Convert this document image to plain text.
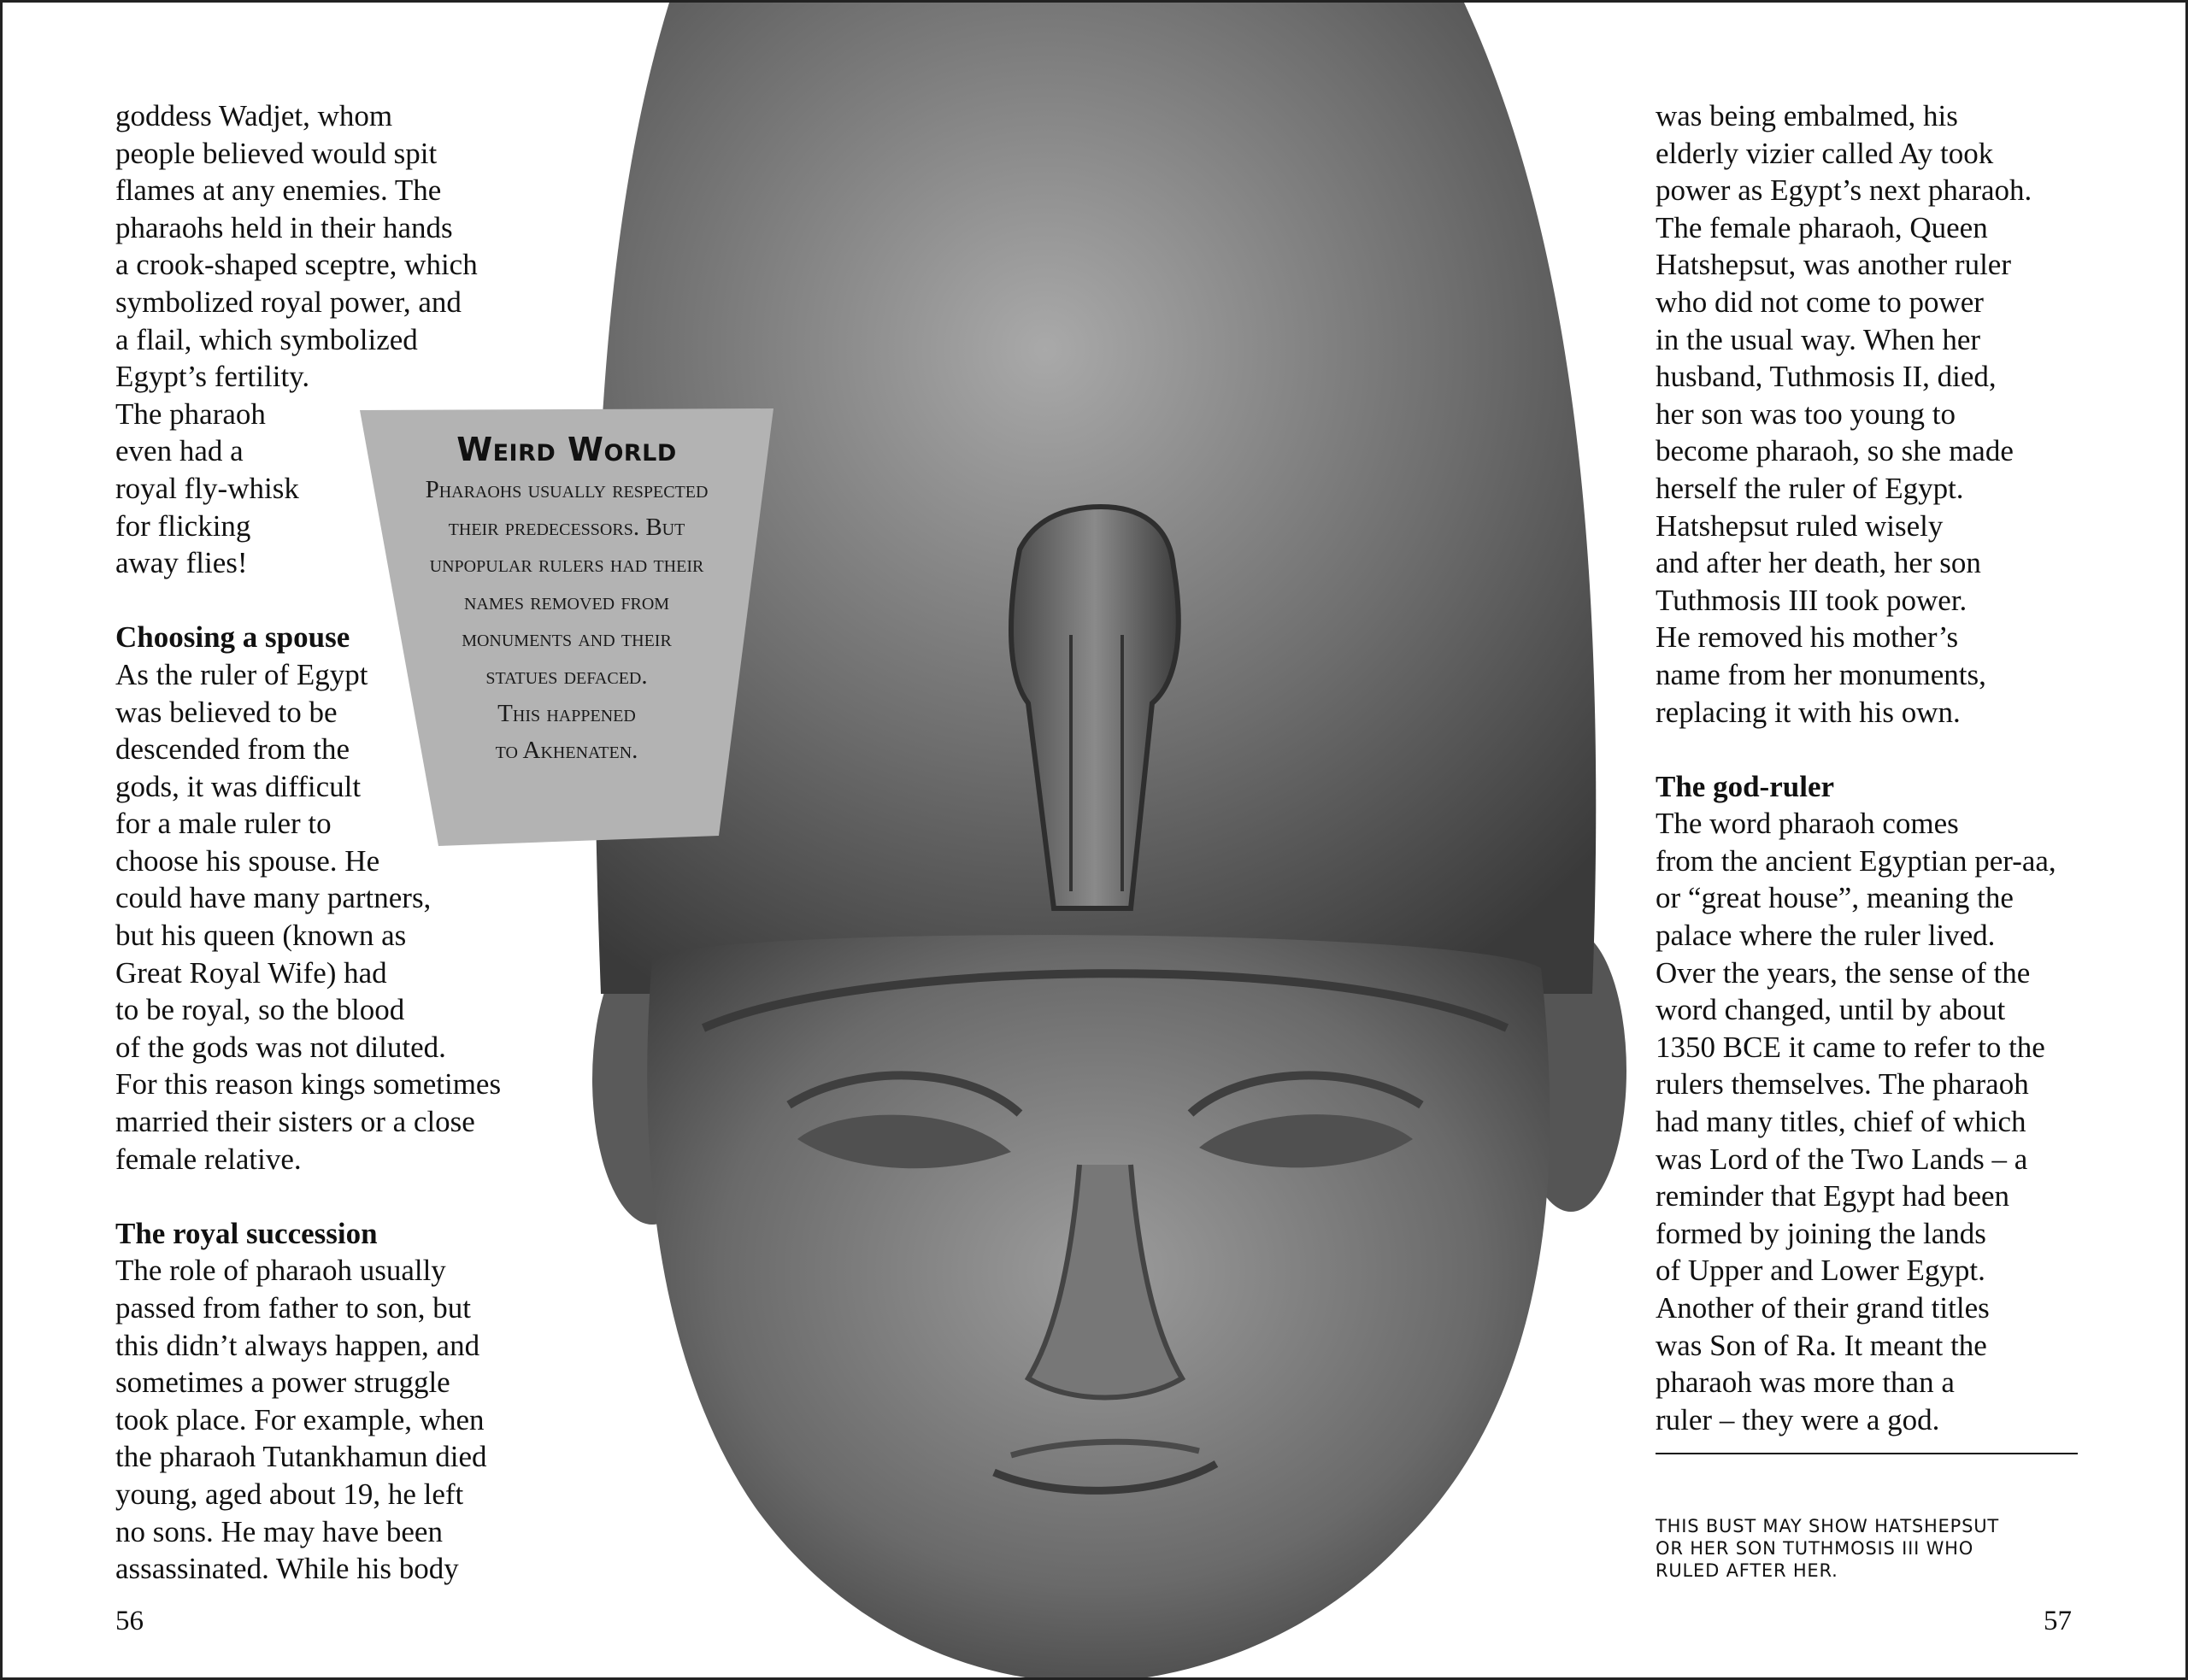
goddess Wadjet, whom
people believed would spit
flames at any enemies. The
pharaohs held in their hands
a crook-shaped sceptre, which
symbolized royal power, and
a flail, which symbolized
Egypt’s fertility.
The pharaoh
even had a
royal fly-whisk
for flicking
away flies!
Choosing a spouse
As the ruler of Egypt
was believed to be
descended from the
gods, it was difficult
for a male ruler to
choose his spouse. He
could have many partners,
but his queen (known as
Great Royal Wife) had
to be royal, so the blood
of the gods was not diluted.
For this reason kings sometimes
married their sisters or a close
female relative.
The royal succession
The role of pharaoh usually
passed from father to son, but
this didn’t always happen, and
sometimes a power struggle
took place. For example, when
the pharaoh Tutankhamun died
young, aged about 19, he left
no sons. He may have been
assassinated. While his body
Weird World
Pharaohs usually respected
their predecessors. But
unpopular rulers had their
names removed from
monuments and their
statues defaced.
This happened
to Akhenaten.
was being embalmed, his
elderly vizier called Ay took
power as Egypt’s next pharaoh.
The female pharaoh, Queen
Hatshepsut, was another ruler
who did not come to power
in the usual way. When her
husband, Tuthmosis II, died,
her son was too young to
become pharaoh, so she made
herself the ruler of Egypt.
Hatshepsut ruled wisely
and after her death, her son
Tuthmosis III took power.
He removed his mother’s
name from her monuments,
replacing it with his own.
The god-ruler
The word pharaoh comes
from the ancient Egyptian per-aa,
or “great house”, meaning the
palace where the ruler lived.
Over the years, the sense of the
word changed, until by about
1350 BCE it came to refer to the
rulers themselves. The pharaoh
had many titles, chief of which
was Lord of the Two Lands – a
reminder that Egypt had been
formed by joining the lands
of Upper and Lower Egypt.
Another of their grand titles
was Son of Ra. It meant the
pharaoh was more than a
ruler – they were a god.
THIS BUST MAY SHOW HATSHEPSUT
OR HER SON TUTHMOSIS III WHO
RULED AFTER HER.
56	57
